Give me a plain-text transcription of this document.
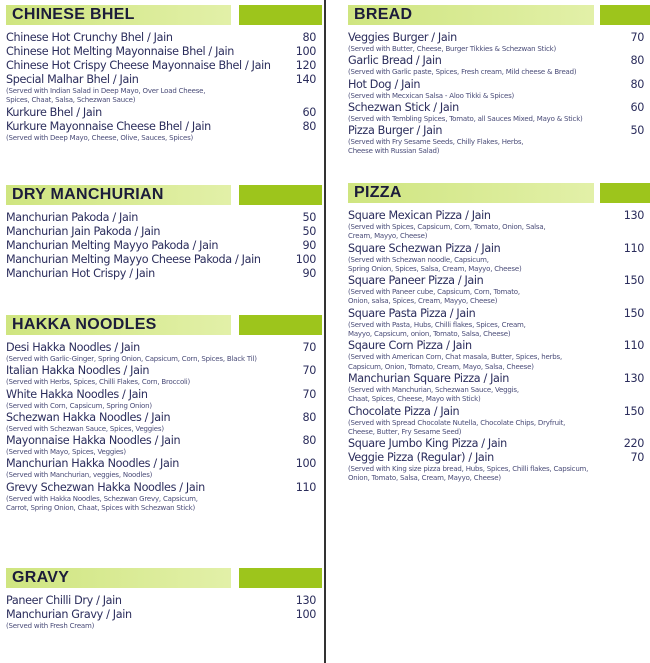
CHINESE BHEL
Chinese Hot Crunchy Bhel / Jain	80
Chinese Hot Melting Mayonnaise Bhel / Jain	100
Chinese Hot Crispy Cheese Mayonnaise Bhel / Jain 120
Special Malhar Bhel / Jain	140
(Served with Indian Salad in Deep Mayo, Over Load Cheese,
Spices, Chaat, Salsa, Schezwan Sauce)
Kurkure Bhel / Jain	60
Kurkure Mayonnaise Cheese Bhel / Jain	80
(Served with Deep Mayo, Cheese, Olive, Sauces, Spices)
DRY MANCHURIAN
Manchurian Pakoda / Jain	50
Manchurian Jain Pakoda / Jain	50
Manchurian Melting Mayyo Pakoda / Jain	90
Manchurian Melting Mayyo Cheese Pakoda / Jain	100
Manchurian Hot Crispy / Jain	90
HAKKA NOODLES
Desi Hakka Noodles / Jain	70
(Served with Garlic-Ginger, Spring Onion, Capsicum, Corn, Spices, Black Til)
Italian Hakka Noodles / Jain	70
(Served with Herbs, Spices, Chilli Flakes, Corn, Broccoli)
White Hakka Noodles / Jain	70
(Served with Corn, Capsicum, Spring Onion)
Schezwan Hakka Noodles / Jain	80
(Served with Schezwan Sauce, Spices, Veggies)
Mayonnaise Hakka Noodles / Jain	80
(Served with Mayo, Spices, Veggies)
Manchurian Hakka Noodles / Jain	100
(Served with Manchurian, veggies, Noodles)
Grevy Schezwan Hakka Noodles / Jain	110
(Served with Hakka Noodles, Schezwan Grevy, Capsicum,
Carrot, Spring Onion, Chaat, Spices with Schezwan Stick)
GRAVY
Paneer Chilli Dry / Jain	130
Manchurian Gravy / Jain	100
(Served with Fresh Cream)
BREAD
Veggies Burger / Jain	70
(Served with Butter, Cheese, Burger Tikkies & Schezwan Stick)
Garlic Bread / Jain	80
(Served with Garlic paste, Spices, Fresh cream, Mild cheese & Bread)
Hot Dog / Jain	80
(Served with Mecxican Salsa - Aloo Tikki & Spices)
Schezwan Stick / Jain	60
(Served with Tembling Spices, Tomato, all Sauces Mixed, Mayo & Stick)
Pizza Burger / Jain	50
(Served with Fry Sesame Seeds, Chilly Flakes, Herbs,
Cheese with Russian Salad)
PIZZA
Square Mexican Pizza / Jain	130
(Served with Spices, Capsicum, Corn, Tomato, Onion, Salsa,
Cream, Mayyo, Cheese)
Square Schezwan Pizza / Jain	110
(Served with Schezwan noodle, Capsicum,
Spring Onion, Spices, Salsa, Cream, Mayyo, Cheese)
Square Paneer Pizza / Jain	150
(Served with Paneer cube, Capsicum, Corn, Tomato,
Onion, salsa, Spices, Cream, Mayyo, Cheese)
Square Pasta Pizza / Jain	150
(Served with Pasta, Hubs, Chilli flakes, Spices, Cream,
Mayyo, Capsicum, onion, Tomato, Salsa, Cheese)
Sqaure Corn Pizza / Jain	110
(Served with American Corn, Chat masala, Butter, Spices, herbs,
Capsicum, Onion, Tomato, Cream, Mayo, Salsa, Cheese)
Manchurian Square Pizza / Jain	130
(Served with Manchurian, Schezwan Sauce, Veggis,
Chaat, Spices, Cheese, Mayo with Stick)
Chocolate Pizza / Jain	150
(Served with Spread Chocolate Nutella, Chocolate Chips, Dryfruit,
Cheese, Butter, Fry Sesame Seed)
Square Jumbo King Pizza / Jain	220
Veggie Pizza (Regular) / Jain	70
(Served with King size pizza bread, Hubs, Spices, Chilli flakes, Capsicum,
Onion, Tomato, Salsa, Cream, Mayyo, Cheese)
